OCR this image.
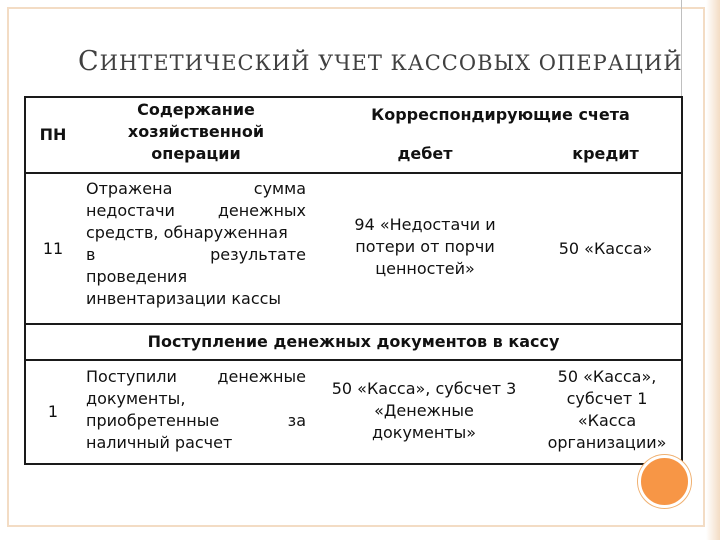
СИНТЕТИЧЕСКИЙ УЧЕТ КАССОВЫХ ОПЕРАЦИЙ
ПН
Содержание
хозяйственной
операции
Корреспондирующие счета
дебет	кредит
11
Отражена сумма
недостачи денежных
средств, обнаруженная
в результате
проведения
инвентаризации кассы
94 «Недостачи и
потери от порчи
ценностей»
50 «Касса»
Поступление денежных документов в кассу
1
Поступили денежные
документы,
приобретенные за
наличный расчет
50 «Касса», субсчет 3
«Денежные
документы»
50 «Касса»,
субсчет 1
«Касса
организации»
